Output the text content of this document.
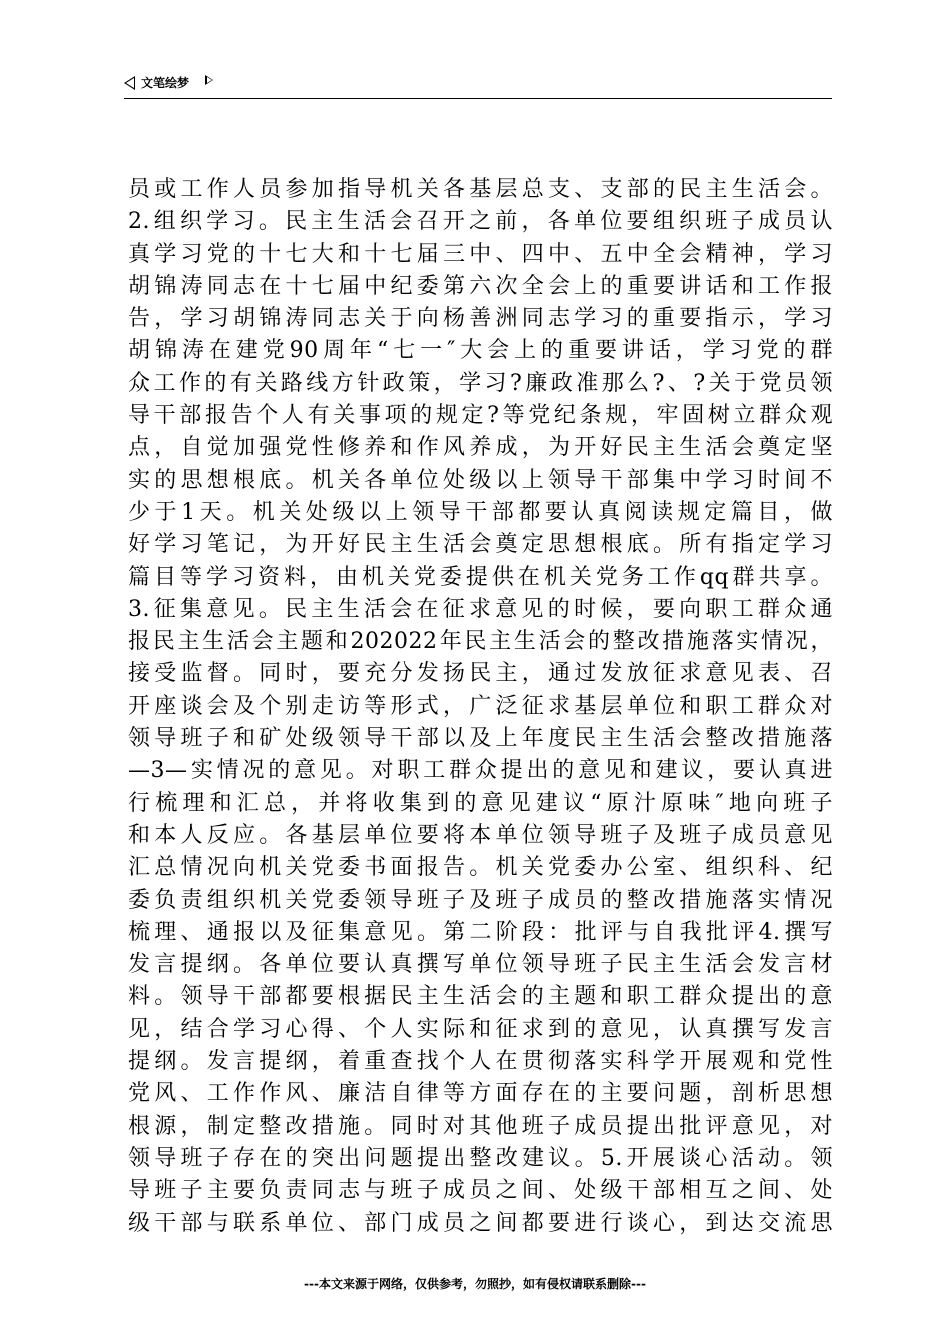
文笔绘梦
员或工作人员参加指导机关各基层总支、支部的民主生活会。
2.组织学习。民主生活会召开之前，各单位要组织班子成员认
真学习党的十七大和十七届三中、四中、五中全会精神，学习
胡锦涛同志在十七届中纪委第六次全会上的重要讲话和工作报
告，学习胡锦涛同志关于向杨善洲同志学习的重要指示，学习
胡锦涛在建党90周年“七一″大会上的重要讲话，学习党的群
众工作的有关路线方针政策，学习?廉政准那么?、?关于党员领
导干部报告个人有关事项的规定?等党纪条规，牢固树立群众观
点，自觉加强党性修养和作风养成，为开好民主生活会奠定坚
实的思想根底。机关各单位处级以上领导干部集中学习时间不
少于1天。机关处级以上领导干部都要认真阅读规定篇目，做
好学习笔记，为开好民主生活会奠定思想根底。所有指定学习
篇目等学习资料，由机关党委提供在机关党务工作qq群共享。
3.征集意见。民主生活会在征求意见的时候，要向职工群众通
报民主生活会主题和202022年民主生活会的整改措施落实情况，
接受监督。同时，要充分发扬民主，通过发放征求意见表、召
开座谈会及个别走访等形式，广泛征求基层单位和职工群众对
领导班子和矿处级领导干部以及上年度民主生活会整改措施落
—3—实情况的意见。对职工群众提出的意见和建议，要认真进
行梳理和汇总，并将收集到的意见建议“原汁原味″地向班子
和本人反应。各基层单位要将本单位领导班子及班子成员意见
汇总情况向机关党委书面报告。机关党委办公室、组织科、纪
委负责组织机关党委领导班子及班子成员的整改措施落实情况
梳理、通报以及征集意见。第二阶段：批评与自我批评4.撰写
发言提纲。各单位要认真撰写单位领导班子民主生活会发言材
料。领导干部都要根据民主生活会的主题和职工群众提出的意
见，结合学习心得、个人实际和征求到的意见，认真撰写发言
提纲。发言提纲，着重查找个人在贯彻落实科学开展观和党性
党风、工作作风、廉洁自律等方面存在的主要问题，剖析思想
根源，制定整改措施。同时对其他班子成员提出批评意见，对
领导班子存在的突出问题提出整改建议。5.开展谈心活动。领
导班子主要负责同志与班子成员之间、处级干部相互之间、处
级干部与联系单位、部门成员之间都要进行谈心，到达交流思
---本文来源于网络，仅供参考，勿照抄，如有侵权请联系删除---
